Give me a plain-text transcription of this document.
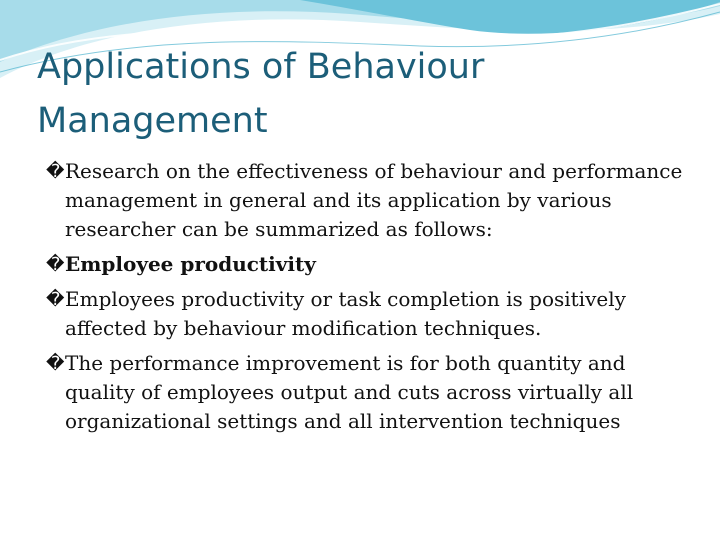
Applications of Behaviour
Management
� Research on the effectiveness of behaviour and performance management in general and its application by various researcher can be summarized as follows:
� Employee productivity
� Employees productivity or task completion is positively affected by behaviour modification techniques.
� The performance improvement is for both quantity and quality of employees output and cuts across virtually all organizational settings and all intervention techniques
